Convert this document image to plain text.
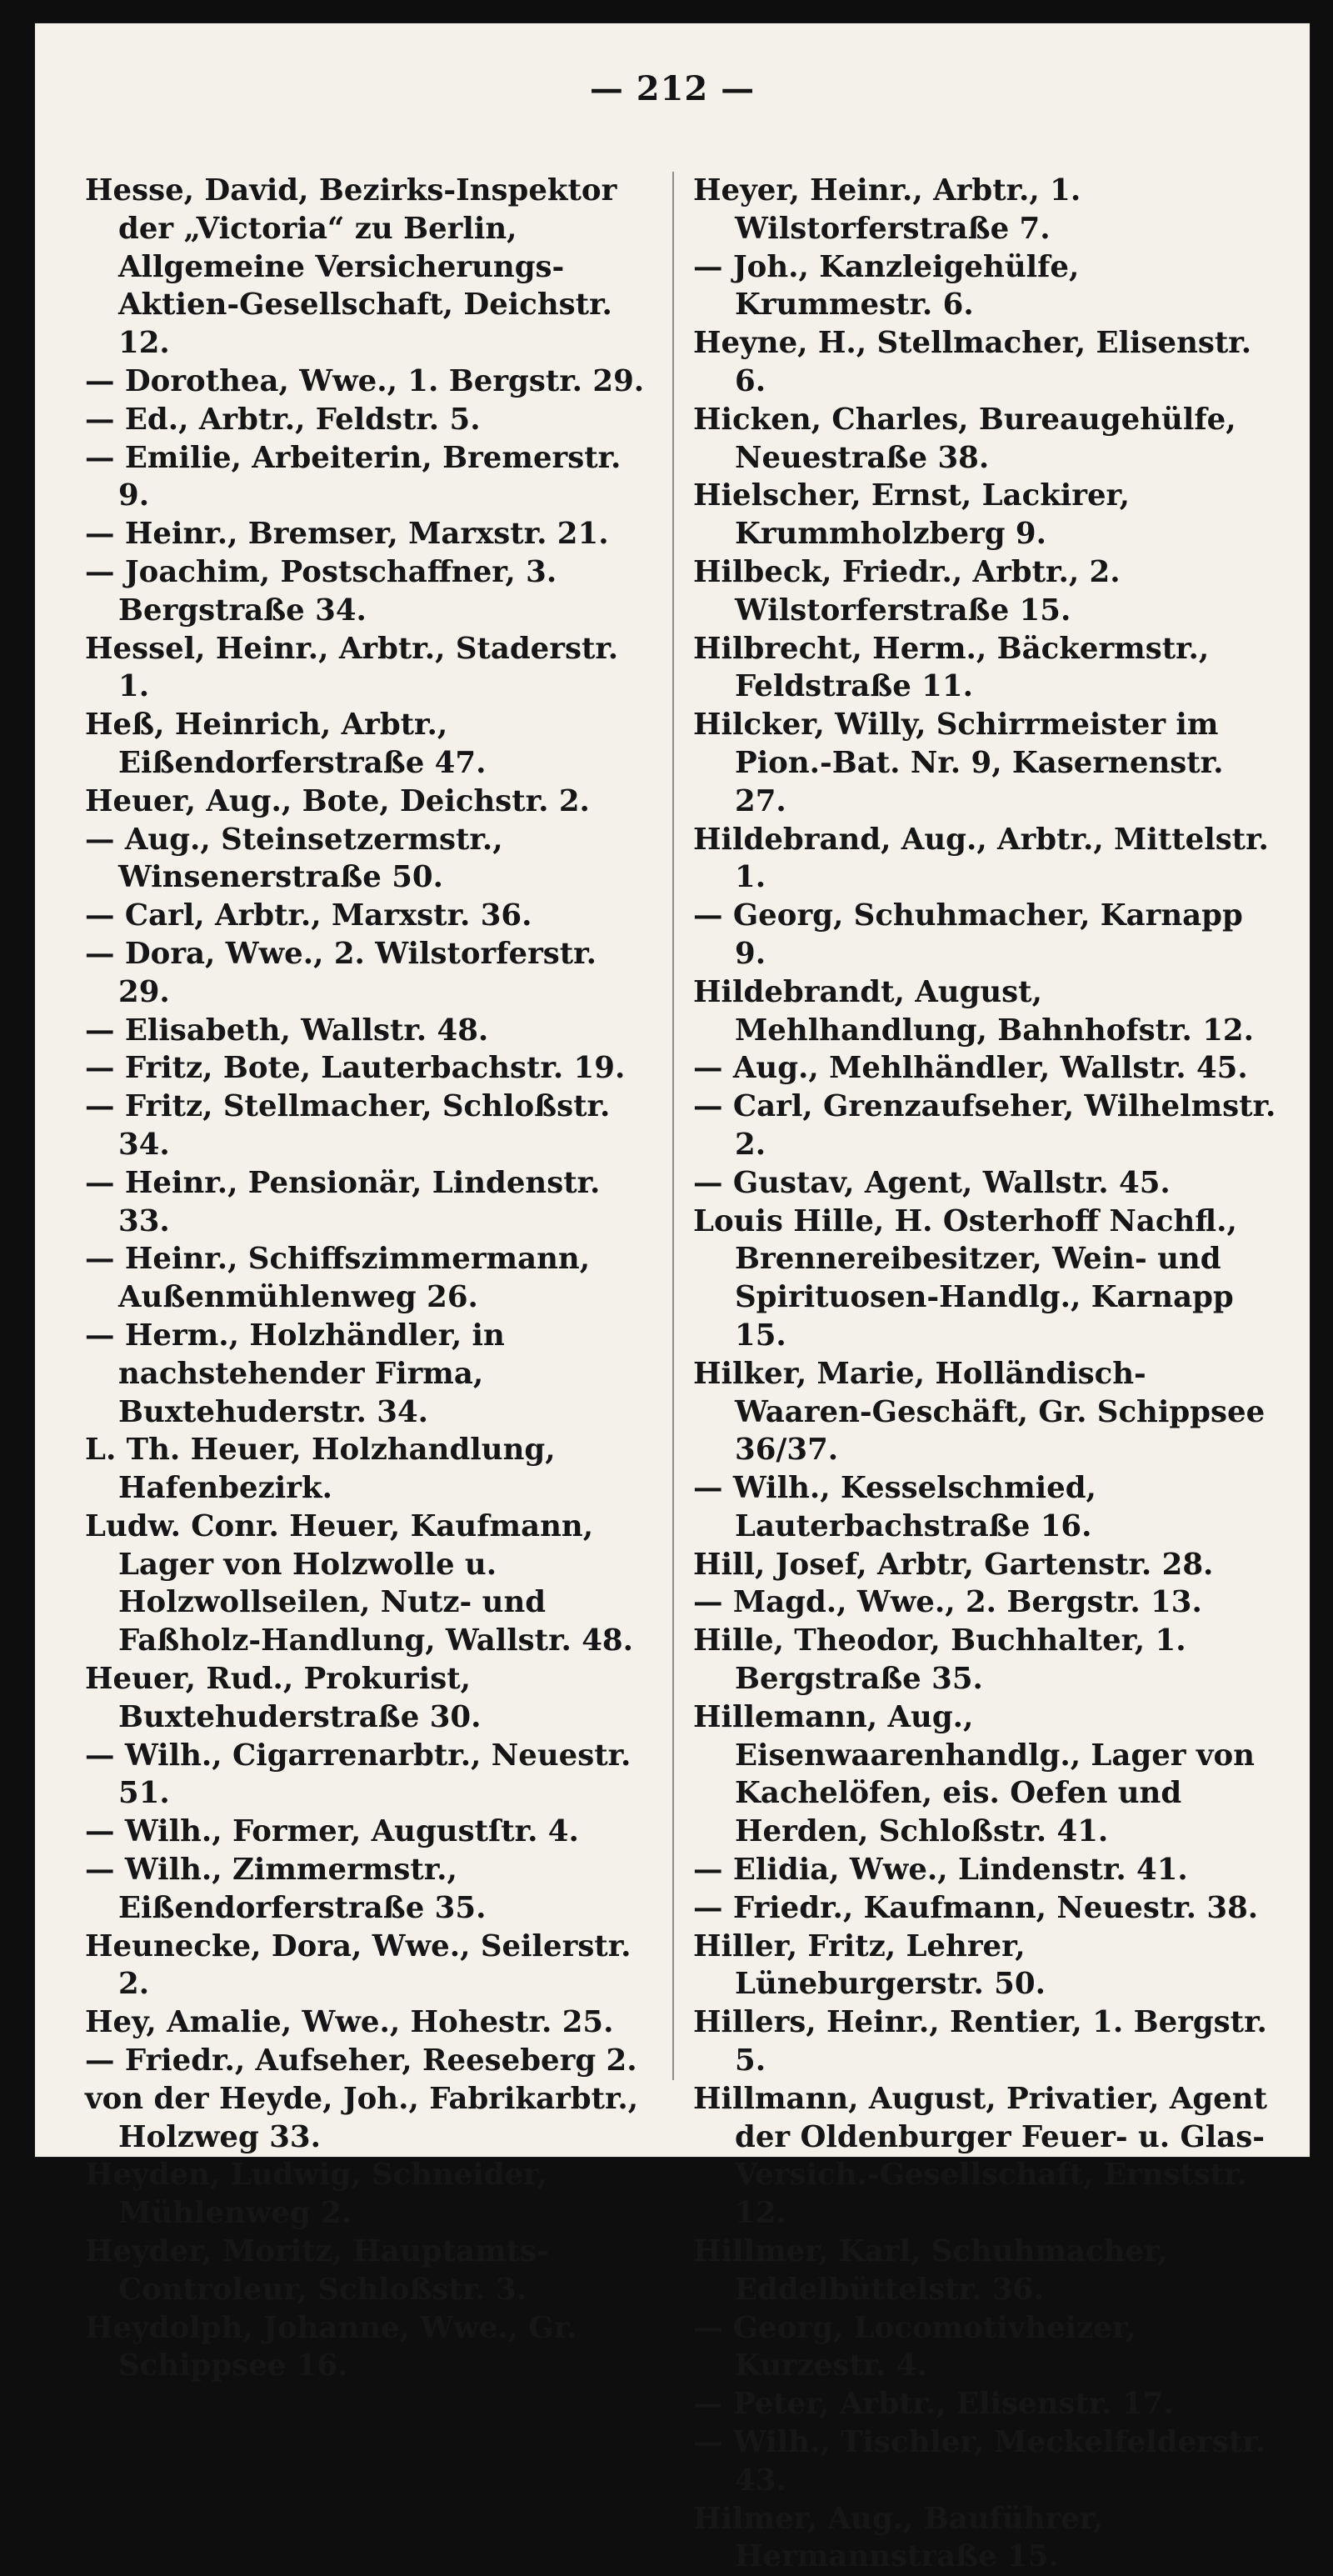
— 212 —

Hesse, David, Bezirks-Inspektor der „Victoria“ zu Berlin, Allgemeine Versicherungs-Aktien-Gesellschaft, Deichstr. 12.

— Dorothea, Wwe., 1. Bergstr. 29.

— Ed., Arbtr., Feldstr. 5.

— Emilie, Arbeiterin, Bremerstr. 9.

— Heinr., Bremser, Marxstr. 21.

— Joachim, Postschaffner, 3. Bergstraße 34.

Hessel, Heinr., Arbtr., Staderstr. 1.

Heß, Heinrich, Arbtr., Eißendorferstraße 47.

Heuer, Aug., Bote, Deichstr. 2.

— Aug., Steinsetzermstr., Winsenerstraße 50.

— Carl, Arbtr., Marxstr. 36.

— Dora, Wwe., 2. Wilstorferstr. 29.

— Elisabeth, Wallstr. 48.

— Fritz, Bote, Lauterbachstr. 19.

— Fritz, Stellmacher, Schloßstr. 34.

— Heinr., Pensionär, Lindenstr. 33.

— Heinr., Schiffszimmermann, Außenmühlenweg 26.

— Herm., Holzhändler, in nachstehender Firma, Buxtehuderstr. 34.

L. Th. Heuer, Holzhandlung, Hafenbezirk.

Ludw. Conr. Heuer, Kaufmann, Lager von Holzwolle u. Holzwollseilen, Nutz- und Faßholz-Handlung, Wallstr. 48.

Heuer, Rud., Prokurist, Buxtehuderstraße 30.

— Wilh., Cigarrenarbtr., Neuestr. 51.

— Wilh., Former, Augustſtr. 4.

— Wilh., Zimmermstr., Eißendorferstraße 35.

Heunecke, Dora, Wwe., Seilerstr. 2.

Hey, Amalie, Wwe., Hohestr. 25.

— Friedr., Aufseher, Reeseberg 2.

von der Heyde, Joh., Fabrikarbtr., Holzweg 33.

Heyden, Ludwig, Schneider, Mühlenweg 2.

Heyder, Moritz, Hauptamts-Controleur, Schloßstr. 3.

Heydolph, Johanne, Wwe., Gr. Schippsee 16.

Heyer, Heinr., Arbtr., 1. Wilstorferstraße 7.

— Joh., Kanzleigehülfe, Krummestr. 6.

Heyne, H., Stellmacher, Elisenstr. 6.

Hicken, Charles, Bureaugehülfe, Neuestraße 38.

Hielscher, Ernst, Lackirer, Krummholzberg 9.

Hilbeck, Friedr., Arbtr., 2. Wilstorferstraße 15.

Hilbrecht, Herm., Bäckermstr., Feldstraße 11.

Hilcker, Willy, Schirrmeister im Pion.-Bat. Nr. 9, Kasernenstr. 27.

Hildebrand, Aug., Arbtr., Mittelstr. 1.

— Georg, Schuhmacher, Karnapp 9.

Hildebrandt, August, Mehlhandlung, Bahnhofstr. 12.

— Aug., Mehlhändler, Wallstr. 45.

— Carl, Grenzaufseher, Wilhelmstr. 2.

— Gustav, Agent, Wallstr. 45.

Louis Hille, H. Osterhoff Nachfl., Brennereibesitzer, Wein- und Spirituosen-Handlg., Karnapp 15.

Hilker, Marie, Holländisch-Waaren-Geschäft, Gr. Schippsee 36/37.

— Wilh., Kesselschmied, Lauterbachstraße 16.

Hill, Josef, Arbtr, Gartenstr. 28.

— Magd., Wwe., 2. Bergstr. 13.

Hille, Theodor, Buchhalter, 1. Bergstraße 35.

Hillemann, Aug., Eisenwaarenhandlg., Lager von Kachelöfen, eis. Oefen und Herden, Schloßstr. 41.

— Elidia, Wwe., Lindenstr. 41.

— Friedr., Kaufmann, Neuestr. 38.

Hiller, Fritz, Lehrer, Lüneburgerstr. 50.

Hillers, Heinr., Rentier, 1. Bergstr. 5.

Hillmann, August, Privatier, Agent der Oldenburger Feuer- u. Glas-Versich.-Gesellschaft, Ernststr. 12.

Hillmer, Karl, Schuhmacher, Eddelbüttelstr. 36.

— Georg, Locomotivheizer, Kurzestr. 4.

— Peter, Arbtr., Elisenstr. 17.

— Wilh., Tischler, Meckelfelderstr. 43.

Hilmer, Aug., Bauführer, Hermannstraße 15.
